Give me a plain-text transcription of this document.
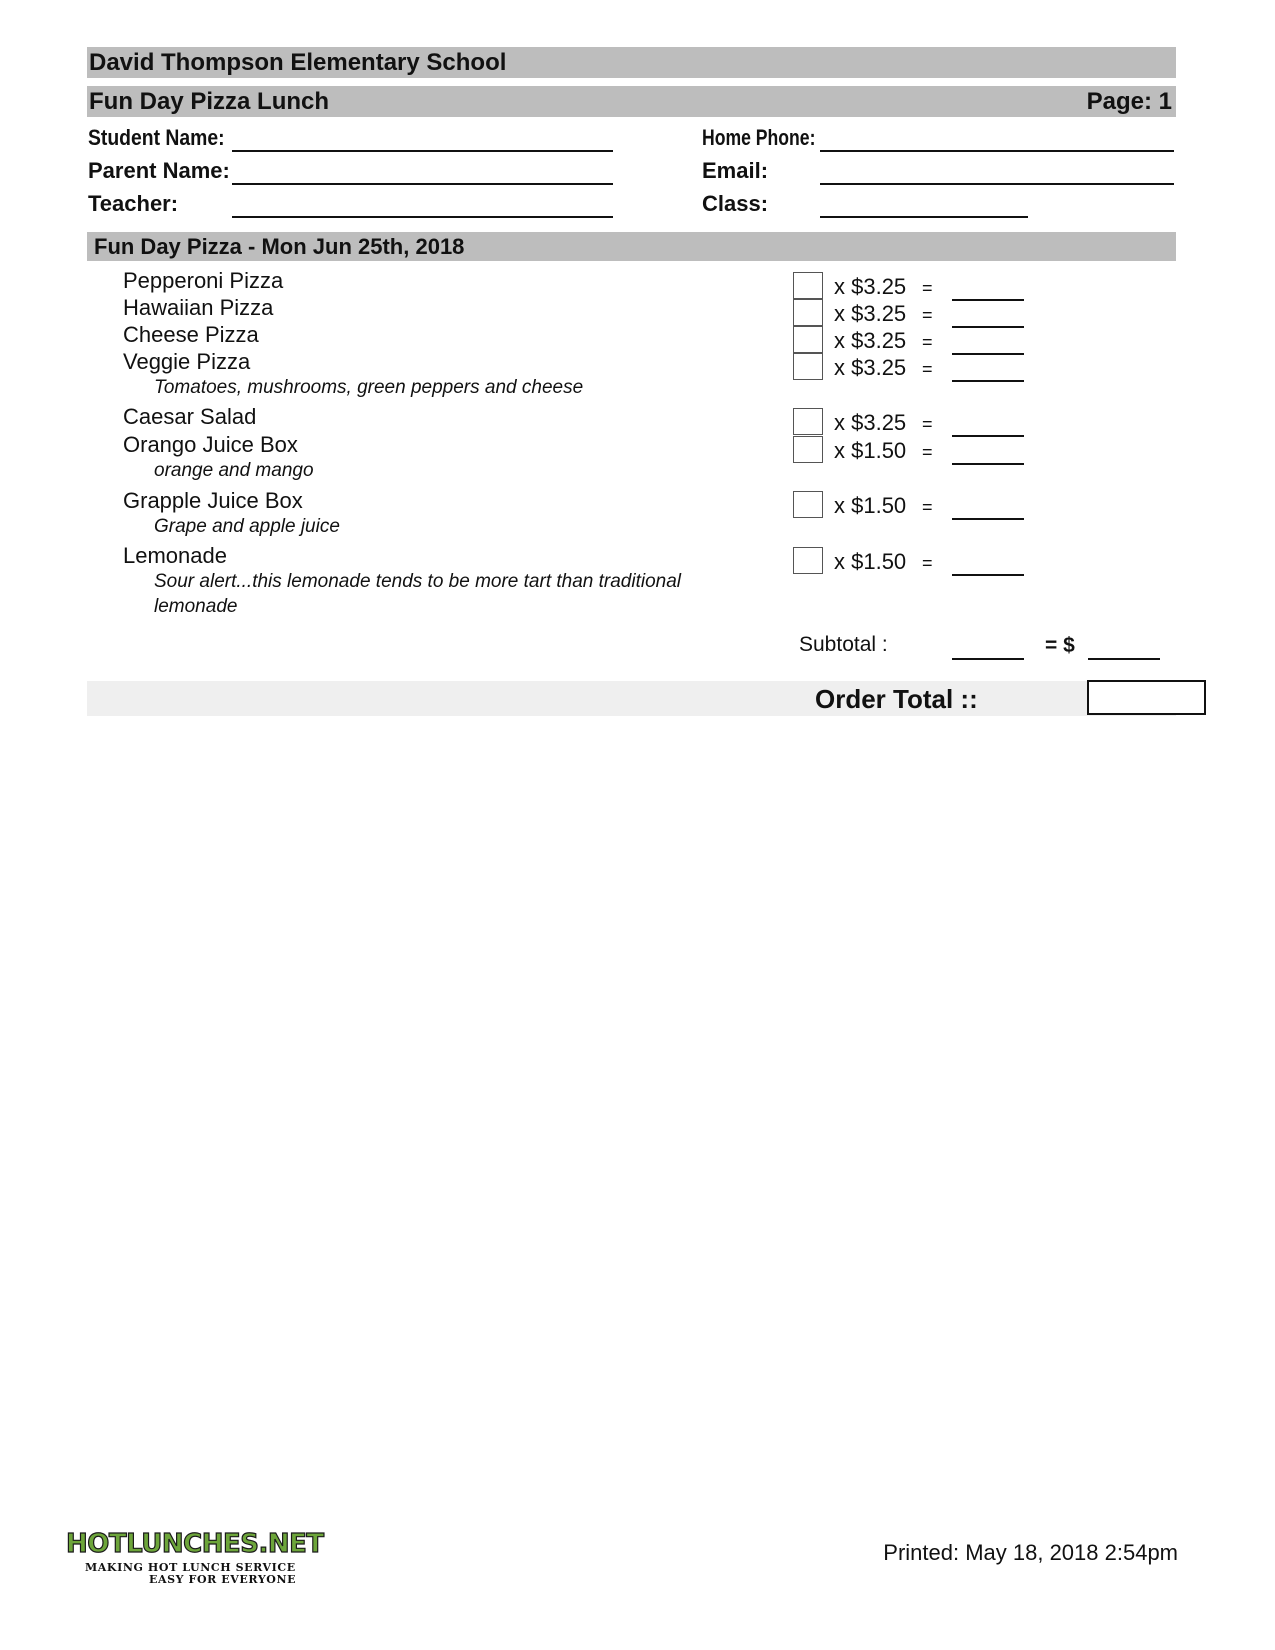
David Thompson Elementary School
Fun Day Pizza Lunch	Page: 1
Student Name:
Parent Name:
Teacher:
Home Phone:
Email:
Class:
Fun Day Pizza - Mon Jun 25th, 2018
Pepperoni Pizza	x $3.25 =
Hawaiian Pizza	x $3.25 =
Cheese Pizza	x $3.25 =
Veggie Pizza	x $3.25 =
Tomatoes, mushrooms, green peppers and cheese
Caesar Salad	x $3.25 =
Orango Juice Box	x $1.50 =
orange and mango
Grapple Juice Box	x $1.50 =
Grape and apple juice
Lemonade	x $1.50 =
Sour alert...this lemonade tends to be more tart than traditional
lemonade
Subtotal :	= $
Order Total ::
HOTLUNCHES.NET
MAKING HOT LUNCH SERVICE
EASY FOR EVERYONE
Printed: May 18, 2018 2:54pm
